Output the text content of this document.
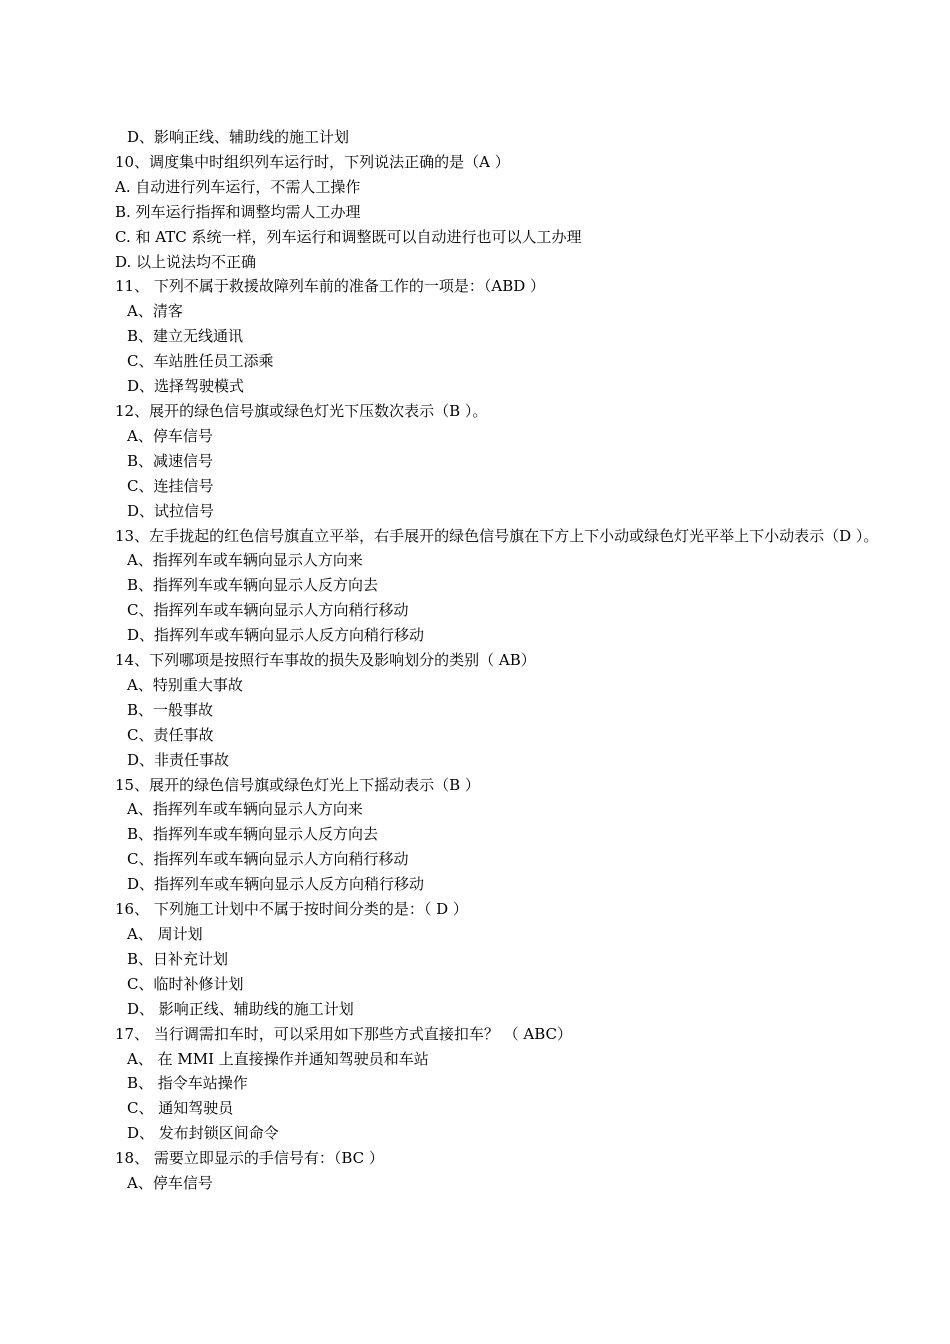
D、影响正线、辅助线的施工计划

10、调度集中时组织列车运行时，下列说法正确的是（A ）

A. 自动进行列车运行，不需人工操作

B. 列车运行指挥和调整均需人工办理

C. 和 ATC 系统一样，列车运行和调整既可以自动进行也可以人工办理

D. 以上说法均不正确

11、 下列不属于救援故障列车前的准备工作的一项是：（ABD ）

A、清客

B、建立无线通讯

C、车站胜任员工添乘

D、选择驾驶模式

12、展开的绿色信号旗或绿色灯光下压数次表示（B ）。

A、停车信号

B、减速信号

C、连挂信号

D、试拉信号

13、左手拢起的红色信号旗直立平举，右手展开的绿色信号旗在下方上下小动或绿色灯光平举上下小动表示（D ）。

A、指挥列车或车辆向显示人方向来

B、指挥列车或车辆向显示人反方向去

C、指挥列车或车辆向显示人方向稍行移动

D、指挥列车或车辆向显示人反方向稍行移动

14、下列哪项是按照行车事故的损失及影响划分的类别（ AB）

A、特别重大事故

B、一般事故

C、责任事故

D、非责任事故

15、展开的绿色信号旗或绿色灯光上下摇动表示（B ）

A、指挥列车或车辆向显示人方向来

B、指挥列车或车辆向显示人反方向去

C、指挥列车或车辆向显示人方向稍行移动

D、指挥列车或车辆向显示人反方向稍行移动

16、 下列施工计划中不属于按时间分类的是：（ D ）

A、 周计划

B、日补充计划

C、临时补修计划

D、 影响正线、辅助线的施工计划

17、 当行调需扣车时，可以采用如下那些方式直接扣车？ （ ABC）

A、 在 MMI 上直接操作并通知驾驶员和车站

B、 指令车站操作

C、 通知驾驶员

D、 发布封锁区间命令

18、 需要立即显示的手信号有：（BC ）

A、停车信号
